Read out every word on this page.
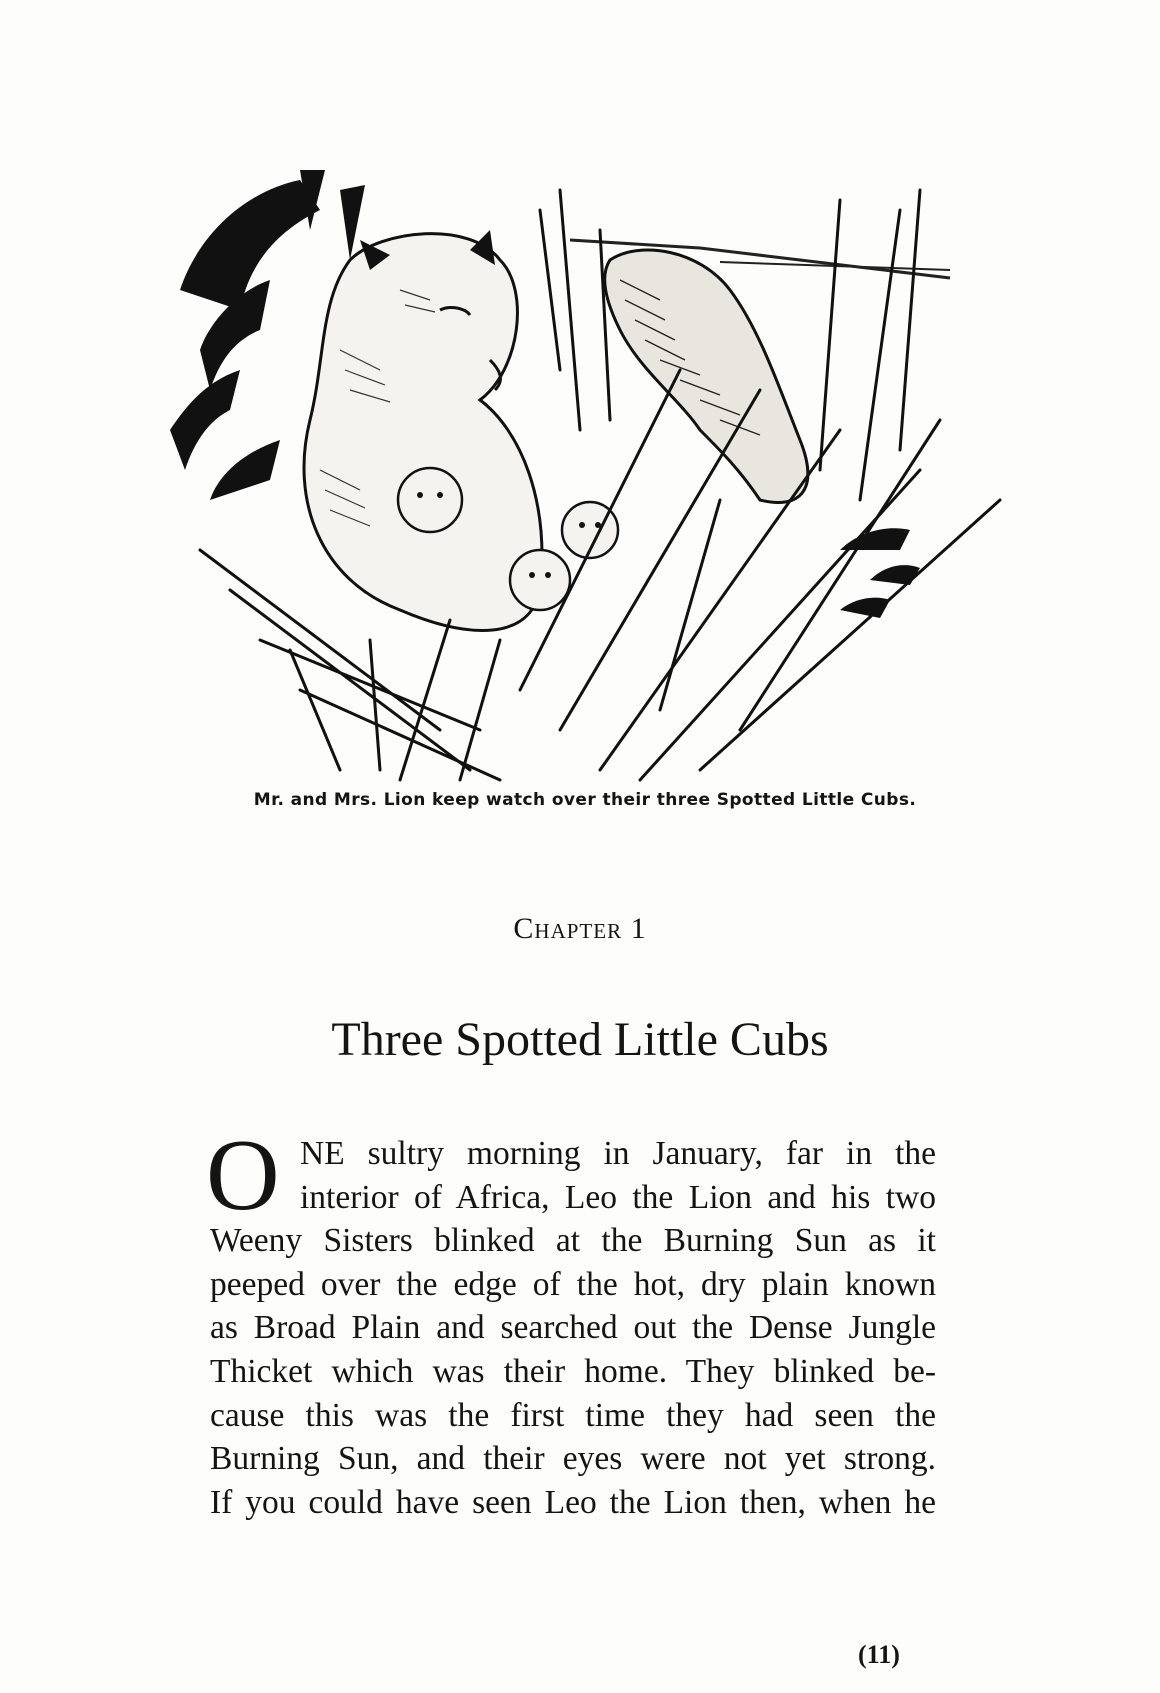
Mr. and Mrs. Lion keep watch over their three Spotted Little Cubs.
Chapter 1
Three Spotted Little Cubs
O NE sultry morning in January, far in the
interior of Africa, Leo the Lion and his two
Weeny Sisters blinked at the Burning Sun as it
peeped over the edge of the hot, dry plain known
as Broad Plain and searched out the Dense Jungle
Thicket which was their home. They blinked be-
cause this was the first time they had seen the
Burning Sun, and their eyes were not yet strong.
If you could have seen Leo the Lion then, when he
(11)
